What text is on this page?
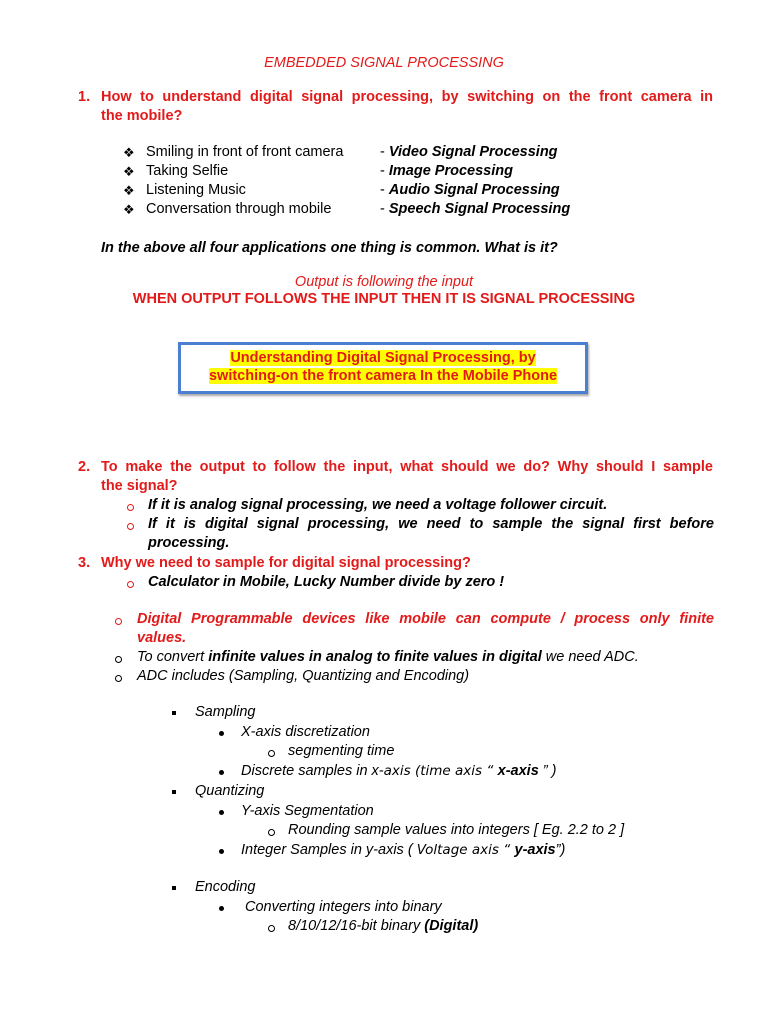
EMBEDDED SIGNAL PROCESSING
1. How to understand digital signal processing, by switching on the front camera in
the mobile?
❖ Smiling in front of front camera	- Video Signal Processing
❖ Taking Selfie	- Image Processing
❖ Listening Music	- Audio Signal Processing
❖ Conversation through mobile	- Speech Signal Processing
In the above all four applications one thing is common. What is it?
Output is following the input
WHEN OUTPUT FOLLOWS THE INPUT THEN IT IS SIGNAL PROCESSING
Understanding Digital Signal Processing, by
switching-on the front camera In the Mobile Phone
2. To make the output to follow the input, what should we do? Why should I sample
the signal?
If it is analog signal processing, we need a voltage follower circuit.
If it is digital signal processing, we need to sample the signal first before
processing.
3. Why we need to sample for digital signal processing?
Calculator in Mobile, Lucky Number divide by zero !
Digital Programmable devices like mobile can compute / process only finite
values.
To convert infinite values in analog to finite values in digital we need ADC.
ADC includes (Sampling, Quantizing and Encoding)
Sampling
X-axis discretization
segmenting time
Discrete samples in x-axis (time axis “ x-axis ” )
Quantizing
Y-axis Segmentation
Rounding sample values into integers [ Eg. 2.2 to 2 ]
Integer Samples in y-axis ( Voltage axis “ y-axis”)
Encoding
Converting integers into binary
8/10/12/16-bit binary (Digital)
